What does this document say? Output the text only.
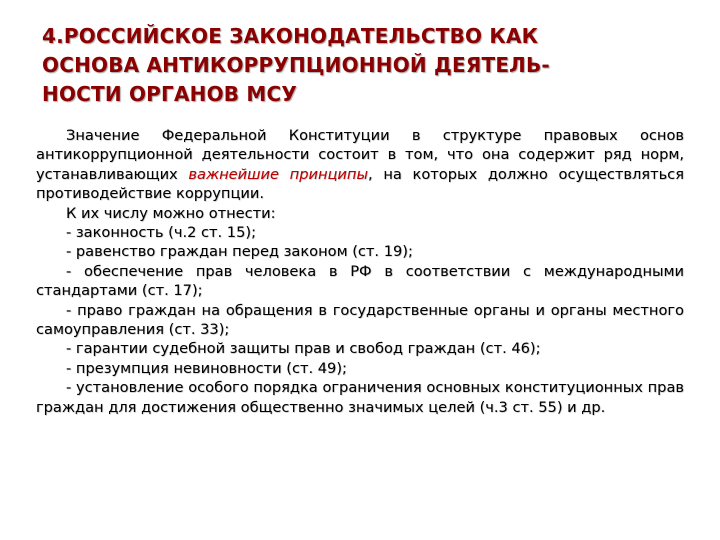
4.РОССИЙСКОЕ ЗАКОНОДАТЕЛЬСТВО КАК
ОСНОВА АНТИКОРРУПЦИОННОЙ ДЕЯТЕЛЬ-
НОСТИ ОРГАНОВ МСУ

Значение Федеральной Конституции в структуре правовых основ антикоррупционной деятельности состоит в том, что она содержит ряд норм, устанавливающих важнейшие принципы, на которых должно осуществляться противодействие коррупции.

К их числу можно отнести:

- законность (ч.2 ст. 15);

- равенство граждан перед законом (ст. 19);

- обеспечение прав человека в РФ в соответствии с международными стандартами (ст. 17);

- право граждан на обращения в государственные органы и органы местного самоуправления (ст. 33);

- гарантии судебной защиты прав и свобод граждан (ст. 46);

- презумпция невиновности (ст. 49);

- установление особого порядка ограничения основных конституционных прав граждан для достижения общественно значимых целей (ч.3 ст. 55) и др.
